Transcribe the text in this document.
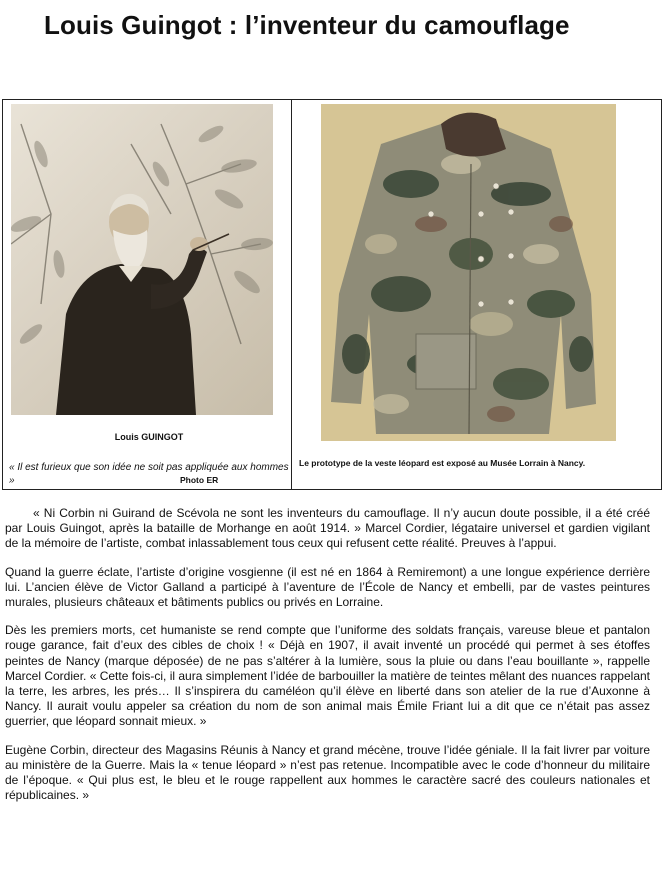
Louis Guingot : l’inventeur du camouflage
Louis GUINGOT
« Il est furieux que son idée ne soit pas appliquée aux hommes »	Photo ER
Le prototype de la veste léopard est exposé au Musée Lorrain à Nancy.

« Ni Corbin ni Guirand de Scévola ne sont les inventeurs du camouflage. Il n’y aucun doute possible, il a été créé par Louis Guingot, après la bataille de Morhange en août 1914. » Marcel Cordier, légataire universel et gardien vigilant de la mémoire de l’artiste, combat inlassablement tous ceux qui refusent cette réalité. Preuves à l’appui.

Quand la guerre éclate, l’artiste d’origine vosgienne (il est né en 1864 à Remiremont) a une longue expérience derrière lui. L’ancien élève de Victor Galland a participé à l’aventure de l’École de Nancy et embelli, par de vastes peintures murales, plusieurs châteaux et bâtiments publics ou privés en Lorraine.

Dès les premiers morts, cet humaniste se rend compte que l’uniforme des soldats français, vareuse bleue et pantalon rouge garance, fait d’eux des cibles de choix ! « Déjà en 1907, il avait inventé un procédé qui permet à ses étoffes peintes de Nancy (marque déposée) de ne pas s’altérer à la lumière, sous la pluie ou dans l’eau bouillante », rappelle Marcel Cordier. « Cette fois-ci, il aura simplement l’idée de barbouiller la matière de teintes mêlant des nuances rappelant la terre, les arbres, les prés… Il s’inspirera du caméléon qu’il élève en liberté dans son atelier de la rue d’Auxonne à Nancy. Il aurait voulu appeler sa création du nom de son animal mais Émile Friant lui a dit que ce n’était pas assez guerrier, que léopard sonnait mieux. »

Eugène Corbin, directeur des Magasins Réunis à Nancy et grand mécène, trouve l’idée géniale. Il la fait livrer par voiture au ministère de la Guerre. Mais la « tenue léopard » n’est pas retenue. Incompatible avec le code d’honneur du militaire de l’époque. « Qui plus est, le bleu et le rouge rappellent aux hommes le caractère sacré des couleurs nationales et républicaines. »
